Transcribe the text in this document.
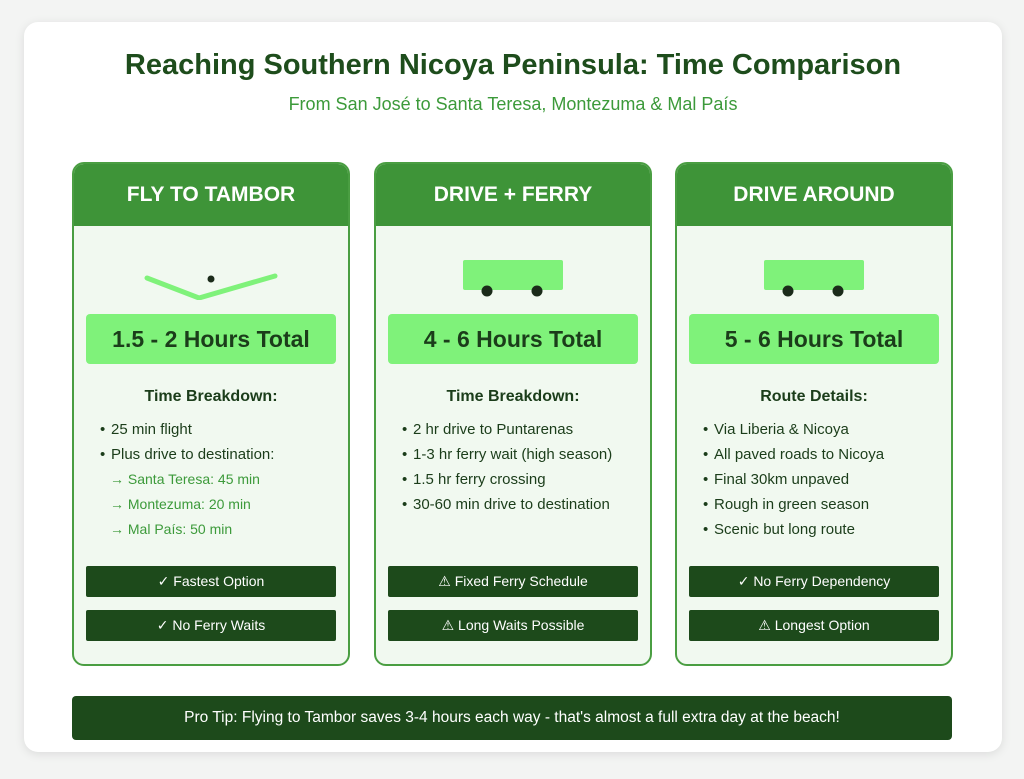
Reaching Southern Nicoya Peninsula: Time Comparison
From San José to Santa Teresa, Montezuma & Mal País
FLY TO TAMBOR
1.5 - 2 Hours Total
Time Breakdown:
• 25 min flight
• Plus drive to destination:
→ Santa Teresa: 45 min
→ Montezuma: 20 min
→ Mal País: 50 min
✓ Fastest Option
✓ No Ferry Waits
DRIVE + FERRY
4 - 6 Hours Total
Time Breakdown:
• 2 hr drive to Puntarenas
• 1-3 hr ferry wait (high season)
• 1.5 hr ferry crossing
• 30-60 min drive to destination
⚠ Fixed Ferry Schedule
⚠ Long Waits Possible
DRIVE AROUND
5 - 6 Hours Total
Route Details:
• Via Liberia & Nicoya
• All paved roads to Nicoya
• Final 30km unpaved
• Rough in green season
• Scenic but long route
✓ No Ferry Dependency
⚠ Longest Option
Pro Tip: Flying to Tambor saves 3-4 hours each way - that's almost a full extra day at the beach!
